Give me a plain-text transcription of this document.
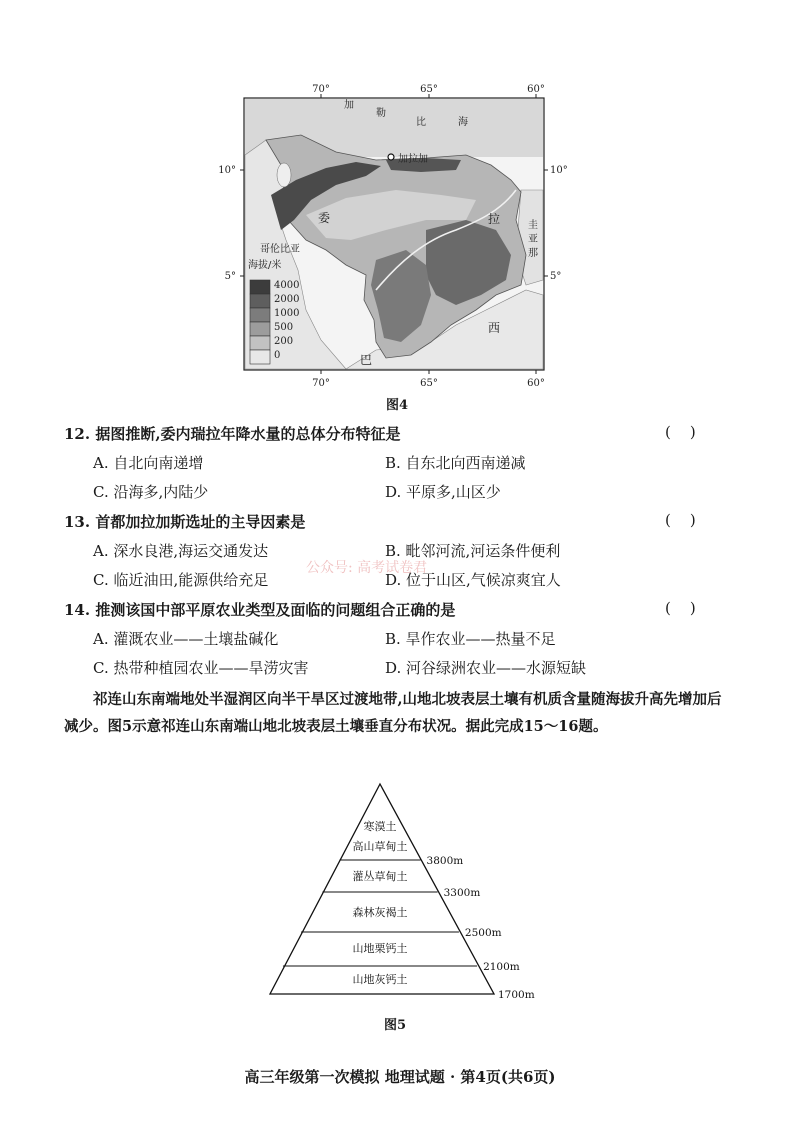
70°	65°	60°
加
勒
比	海
加拉加
委	拉	圭
亚
那
哥伦比亚
巴
西
10°
5°
10°
5°
海拔/米
4000
2000
1000
500
200
0
70°	65°	60°
图4
12. 据图推断,委内瑞拉年降水量的总体分布特征是	(    )
A. 自北向南递增	B. 自东北向西南递减
C. 沿海多,内陆少	D. 平原多,山区少
13. 首都加拉加斯选址的主导因素是	(    )
A. 深水良港,海运交通发达	B. 毗邻河流,河运条件便利
C. 临近油田,能源供给充足	D. 位于山区,气候凉爽宜人
公众号: 高考试卷君
14. 推测该国中部平原农业类型及面临的问题组合正确的是	(    )
A. 灌溉农业——土壤盐碱化	B. 旱作农业——热量不足
C. 热带种植园农业——旱涝灾害	D. 河谷绿洲农业——水源短缺
祁连山东南端地处半湿润区向半干旱区过渡地带,山地北坡表层土壤有机质含量随海拔升高先增加后减少。图5示意祁连山东南端山地北坡表层土壤垂直分布状况。据此完成15～16题。
寒漠土
高山草甸土
灌丛草甸土
森林灰褐土
山地栗钙土
山地灰钙土
3800m
3300m
2500m
2100m
1700m
图5
高三年级第一次模拟 地理试题 · 第4页(共6页)
